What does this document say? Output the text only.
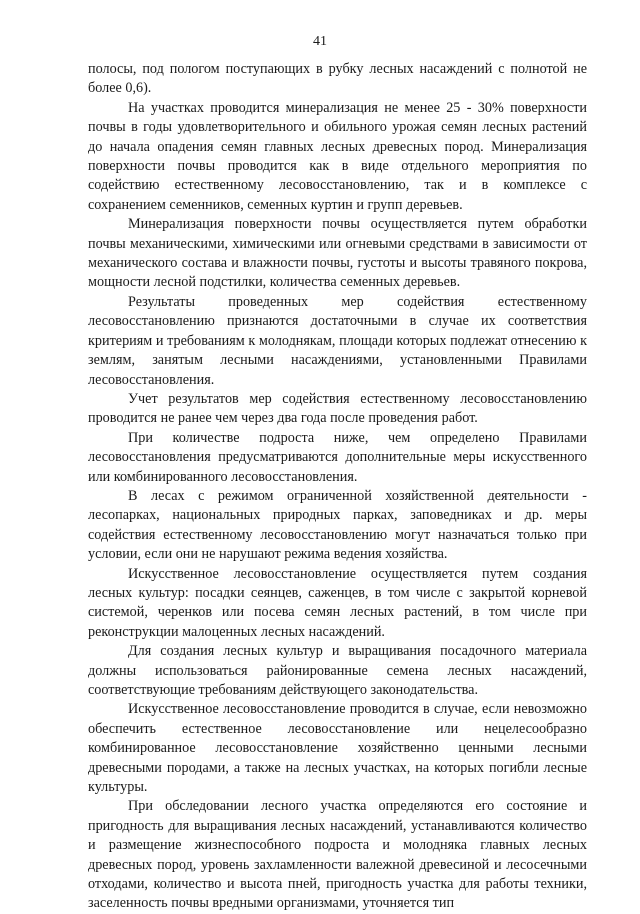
41

полосы, под пологом поступающих в рубку лесных насаждений с полнотой не более 0,6).

На участках проводится минерализация не менее 25 - 30% поверхности почвы в годы удовлетворительного и обильного урожая семян лесных растений до начала опадения семян главных лесных древесных пород. Минерализация поверхности почвы проводится как в виде отдельного мероприятия по содействию естественному лесовосстановлению, так и в комплексе с сохранением семенников, семенных куртин и групп деревьев.

Минерализация поверхности почвы осуществляется путем обработки почвы механическими, химическими или огневыми средствами в зависимости от механического состава и влажности почвы, густоты и высоты травяного покрова, мощности лесной подстилки, количества семенных деревьев.

Результаты проведенных мер содействия естественному лесовосстановлению признаются достаточными в случае их соответствия критериям и требованиям к молоднякам, площади которых подлежат отнесению к землям, занятым лесными насаждениями, установленными Правилами лесовосстановления.

Учет результатов мер содействия естественному лесовосстановлению проводится не ранее чем через два года после проведения работ.

При количестве подроста ниже, чем определено Правилами лесовосстановления предусматриваются дополнительные меры искусственного или комбинированного лесовосстановления.

В лесах с режимом ограниченной хозяйственной деятельности - лесопарках, национальных природных парках, заповедниках и др. меры содействия естественному лесовосстановлению могут назначаться только при условии, если они не нарушают режима ведения хозяйства.

Искусственное лесовосстановление осуществляется путем создания лесных культур: посадки сеянцев, саженцев, в том числе с закрытой корневой системой, черенков или посева семян лесных растений, в том числе при реконструкции малоценных лесных насаждений.

Для создания лесных культур и выращивания посадочного материала должны использоваться районированные семена лесных насаждений, соответствующие требованиям действующего законодательства.

Искусственное лесовосстановление проводится в случае, если невозможно обеспечить естественное лесовосстановление или нецелесообразно комбинированное лесовосстановление хозяйственно ценными лесными древесными породами, а также на лесных участках, на которых погибли лесные культуры.

При обследовании лесного участка определяются его состояние и пригодность для выращивания лесных насаждений, устанавливаются количество и размещение жизнеспособного подроста и молодняка главных лесных древесных пород, уровень захламленности валежной древесиной и лесосечными отходами, количество и высота пней, пригодность участка для работы техники, заселенность почвы вредными организмами, уточняется тип
